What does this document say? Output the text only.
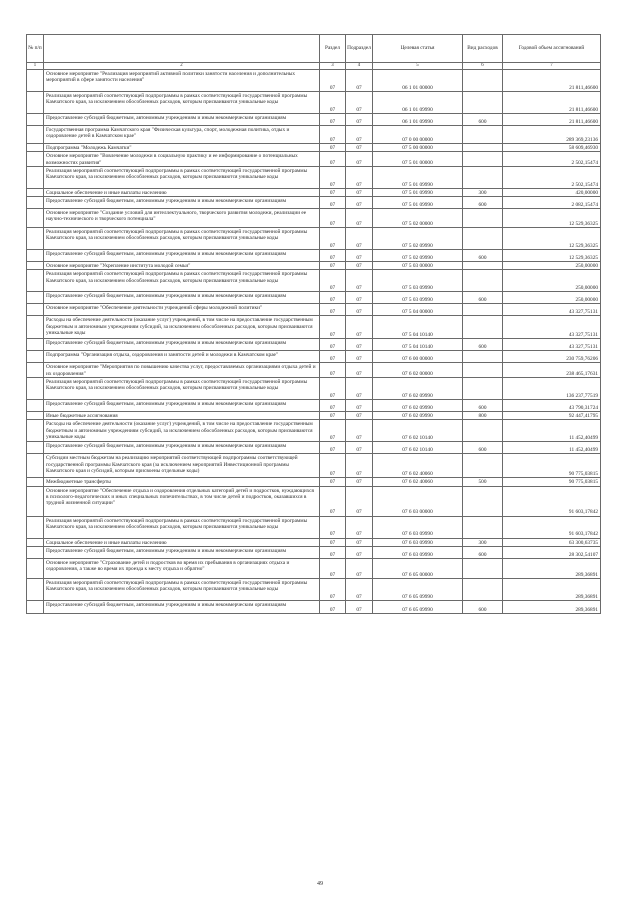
№ п/п		Раздел	Подраздел	Целевая статья	Вид расходов	Годовой объем ассигнований
1	2	3	4	5	6	7
	Основное мероприятие "Реализация мероприятий активной политики занятости населения и дополнительных мероприятий в сфере занятости населения"	07	07	06 1 01 00000		21 811,46600
	Реализация мероприятий соответствующей подпрограммы в рамках соответствующей государственной программы Камчатского края, за исключением обособленных расходов, которым присваиваются уникальные коды	07	07	06 1 01 09990		21 811,46600
	Предоставление субсидий бюджетным, автономным учреждениям и иным некоммерческим организациям	07	07	06 1 01 09990	600	21 811,46600
	Государственная программа Камчатского края "Физическая культура, спорт, молодежная политика, отдых и оздоровление детей в Камчатском крае"	07	07	07 0 00 00000		289 369,23136
	Подпрограмма "Молодежь Камчатки"	07	07	07 5 00 00000		58 609,46930
	Основное мероприятие "Вовлечение молодежи в социальную практику и ее информирование о потенциальных возможностях развития"	07	07	07 5 01 00000		2 502,15474
	Реализация мероприятий соответствующей подпрограммы в рамках соответствующей государственной программы Камчатского края, за исключением обособленных расходов, которым присваиваются уникальные коды	07	07	07 5 01 09990		2 502,15474
	Социальное обеспечение и иные выплаты населению	07	07	07 5 01 09990	300	420,00000
	Предоставление субсидий бюджетным, автономным учреждениям и иным некоммерческим организациям	07	07	07 5 01 09990	600	2 082,15474
	Основное мероприятие "Создание условий для интеллектуального, творческого развития молодежи, реализации ее научно-технического и творческого потенциала"	07	07	07 5 02 00000		12 529,36325
	Реализация мероприятий соответствующей подпрограммы в рамках соответствующей государственной программы Камчатского края, за исключением обособленных расходов, которым присваиваются уникальные коды	07	07	07 5 02 09990		12 529,36325
	Предоставление субсидий бюджетным, автономным учреждениям и иным некоммерческим организациям	07	07	07 5 02 09990	600	12 529,36325
	Основное мероприятие "Укрепление института молодой семьи"	07	07	07 5 03 00000		250,00000
	Реализация мероприятий соответствующей подпрограммы в рамках соответствующей государственной программы Камчатского края, за исключением обособленных расходов, которым присваиваются уникальные коды	07	07	07 5 03 09990		250,00000
	Предоставление субсидий бюджетным, автономным учреждениям и иным некоммерческим организациям	07	07	07 5 03 09990	600	250,00000
	Основное мероприятие "Обеспечение деятельности учреждений сферы молодежной политики"	07	07	07 5 04 00000		43 327,75131
	Расходы на обеспечение деятельности (оказание услуг) учреждений, в том числе на предоставление государственным бюджетным и автономным учреждениям субсидий, за исключением обособленных расходов, которым присваиваются уникальные коды	07	07	07 5 04 10140		43 327,75131
	Предоставление субсидий бюджетным, автономным учреждениям и иным некоммерческим организациям	07	07	07 5 04 10140	600	43 327,75131
	Подпрограмма "Организация отдыха, оздоровления и занятости детей и молодежи в Камчатском крае"	07	07	07 6 00 00000		230 759,76206
	Основное мероприятие "Мероприятия по повышению качества услуг, предоставляемых организациями отдыха детей и их оздоровления"	07	07	07 6 02 00000		238 465,17631
	Реализация мероприятий соответствующей подпрограммы в рамках соответствующей государственной программы Камчатского края, за исключением обособленных расходов, которым присваиваются уникальные коды	07	07	07 6 02 09990		136 237,77519
	Предоставление субсидий бюджетным, автономным учреждениям и иным некоммерческим организациям	07	07	07 6 02 09990	600	43 790,31724
	Иные бюджетные ассигнования	07	07	07 6 02 09990	800	92 447,41795
	Расходы на обеспечение деятельности (оказание услуг) учреждений, в том числе на предоставление государственным бюджетным и автономным учреждениям субсидий, за исключением обособленных расходов, которым присваиваются уникальные коды	07	07	07 6 02 10140		11 452,40499
	Предоставление субсидий бюджетным, автономным учреждениям и иным некоммерческим организациям	07	07	07 6 02 10140	600	11 452,40499
	Субсидии местным бюджетам на реализацию мероприятий соответствующей подпрограммы соответствующей государственной программы Камчатского края (за исключением мероприятий Инвестиционной программы Камчатского края и субсидий, которым присвоены отдельные коды)	07	07	07 6 02 40060		90 775,03815
	Межбюджетные трансферты	07	07	07 6 02 40060	500	90 775,03815
	Основное мероприятие "Обеспечение отдыха и оздоровления отдельных категорий детей и подростков, нуждающихся в психолого-педагогических и иных специальных попечительствах, в том числе детей и подростков, оказавшихся в трудной жизненной ситуации"	07	07	07 6 03 00000		91 603,17842
	Реализация мероприятий соответствующей подпрограммы в рамках соответствующей государственной программы Камчатского края, за исключением обособленных расходов, которым присваиваются уникальные коды	07	07	07 6 03 09990		91 603,17842
	Социальное обеспечение и иные выплаты населению	07	07	07 6 03 09990	300	63 300,63735
	Предоставление субсидий бюджетным, автономным учреждениям и иным некоммерческим организациям	07	07	07 6 03 09990	600	28 302,54107
	Основное мероприятие "Страхование детей и подростков во время их пребывания в организациях отдыха и оздоровления, а также во время их проезда к месту отдыха и обратно"	07	07	07 6 05 00000		289,36891
	Реализация мероприятий соответствующей подпрограммы в рамках соответствующей государственной программы Камчатского края, за исключением обособленных расходов, которым присваиваются уникальные коды	07	07	07 6 05 09990		289,36891
	Предоставление субсидий бюджетным, автономным учреждениям и иным некоммерческим организациям	07	07	07 6 05 09990	600	289,36891
49
